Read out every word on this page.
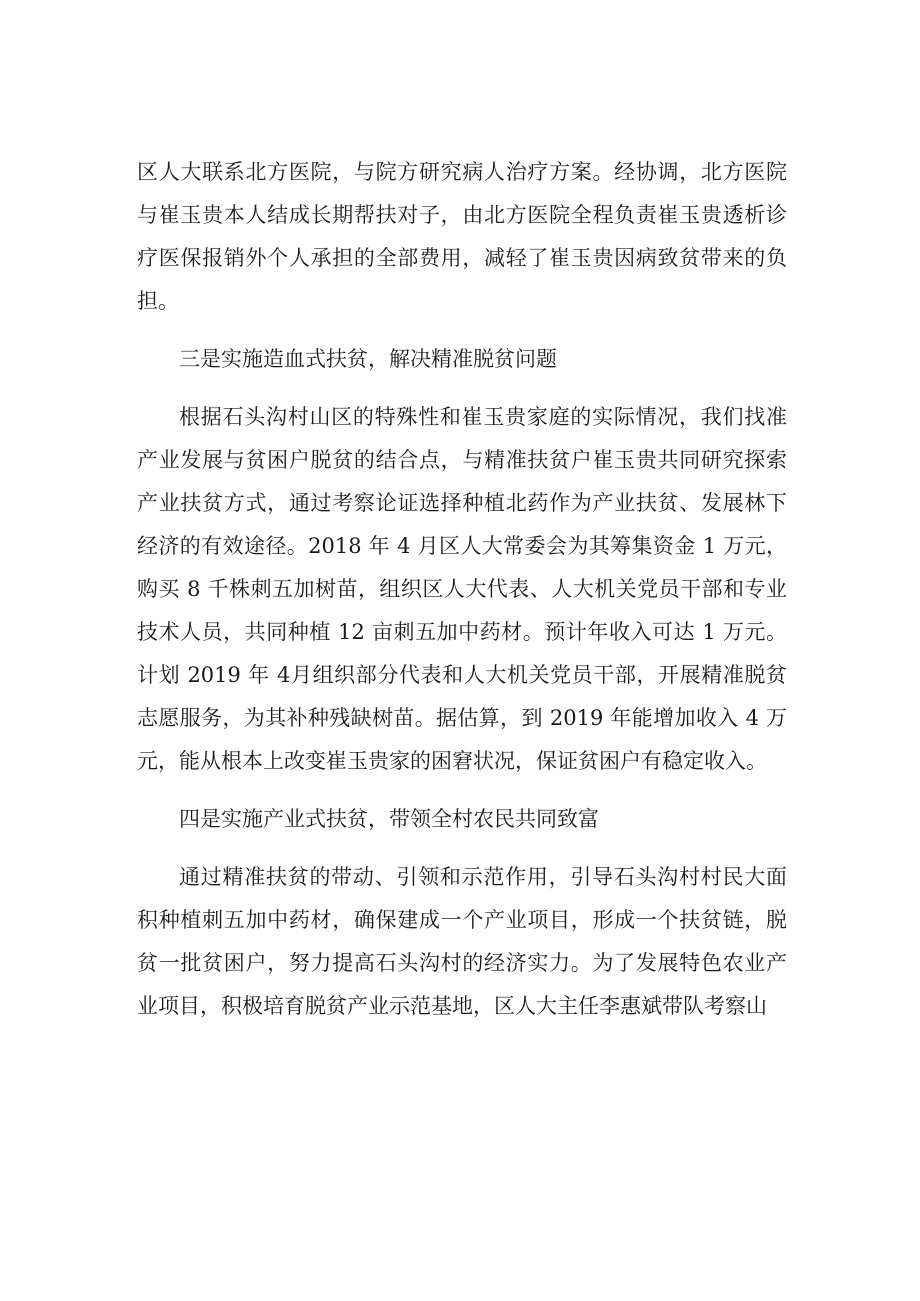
区人大联系北方医院，与院方研究病人治疗方案。经协调，北方医院与崔玉贵本人结成长期帮扶对子，由北方医院全程负责崔玉贵透析诊疗医保报销外个人承担的全部费用，减轻了崔玉贵因病致贫带来的负担。

三是实施造血式扶贫，解决精准脱贫问题

根据石头沟村山区的特殊性和崔玉贵家庭的实际情况，我们找准产业发展与贫困户脱贫的结合点，与精准扶贫户崔玉贵共同研究探索产业扶贫方式，通过考察论证选择种植北药作为产业扶贫、发展林下经济的有效途径。2018 年 4 月区人大常委会为其筹集资金 1 万元，购买 8 千株刺五加树苗，组织区人大代表、人大机关党员干部和专业技术人员，共同种植 12 亩刺五加中药材。预计年收入可达 1 万元。计划 2019 年 4月组织部分代表和人大机关党员干部，开展精准脱贫志愿服务，为其补种残缺树苗。据估算，到 2019 年能增加收入 4 万元，能从根本上改变崔玉贵家的困窘状况，保证贫困户有稳定收入。

四是实施产业式扶贫，带领全村农民共同致富

通过精准扶贫的带动、引领和示范作用，引导石头沟村村民大面积种植刺五加中药材，确保建成一个产业项目，形成一个扶贫链，脱贫一批贫困户，努力提高石头沟村的经济实力。为了发展特色农业产业项目，积极培育脱贫产业示范基地，区人大主任李惠斌带队考察山
